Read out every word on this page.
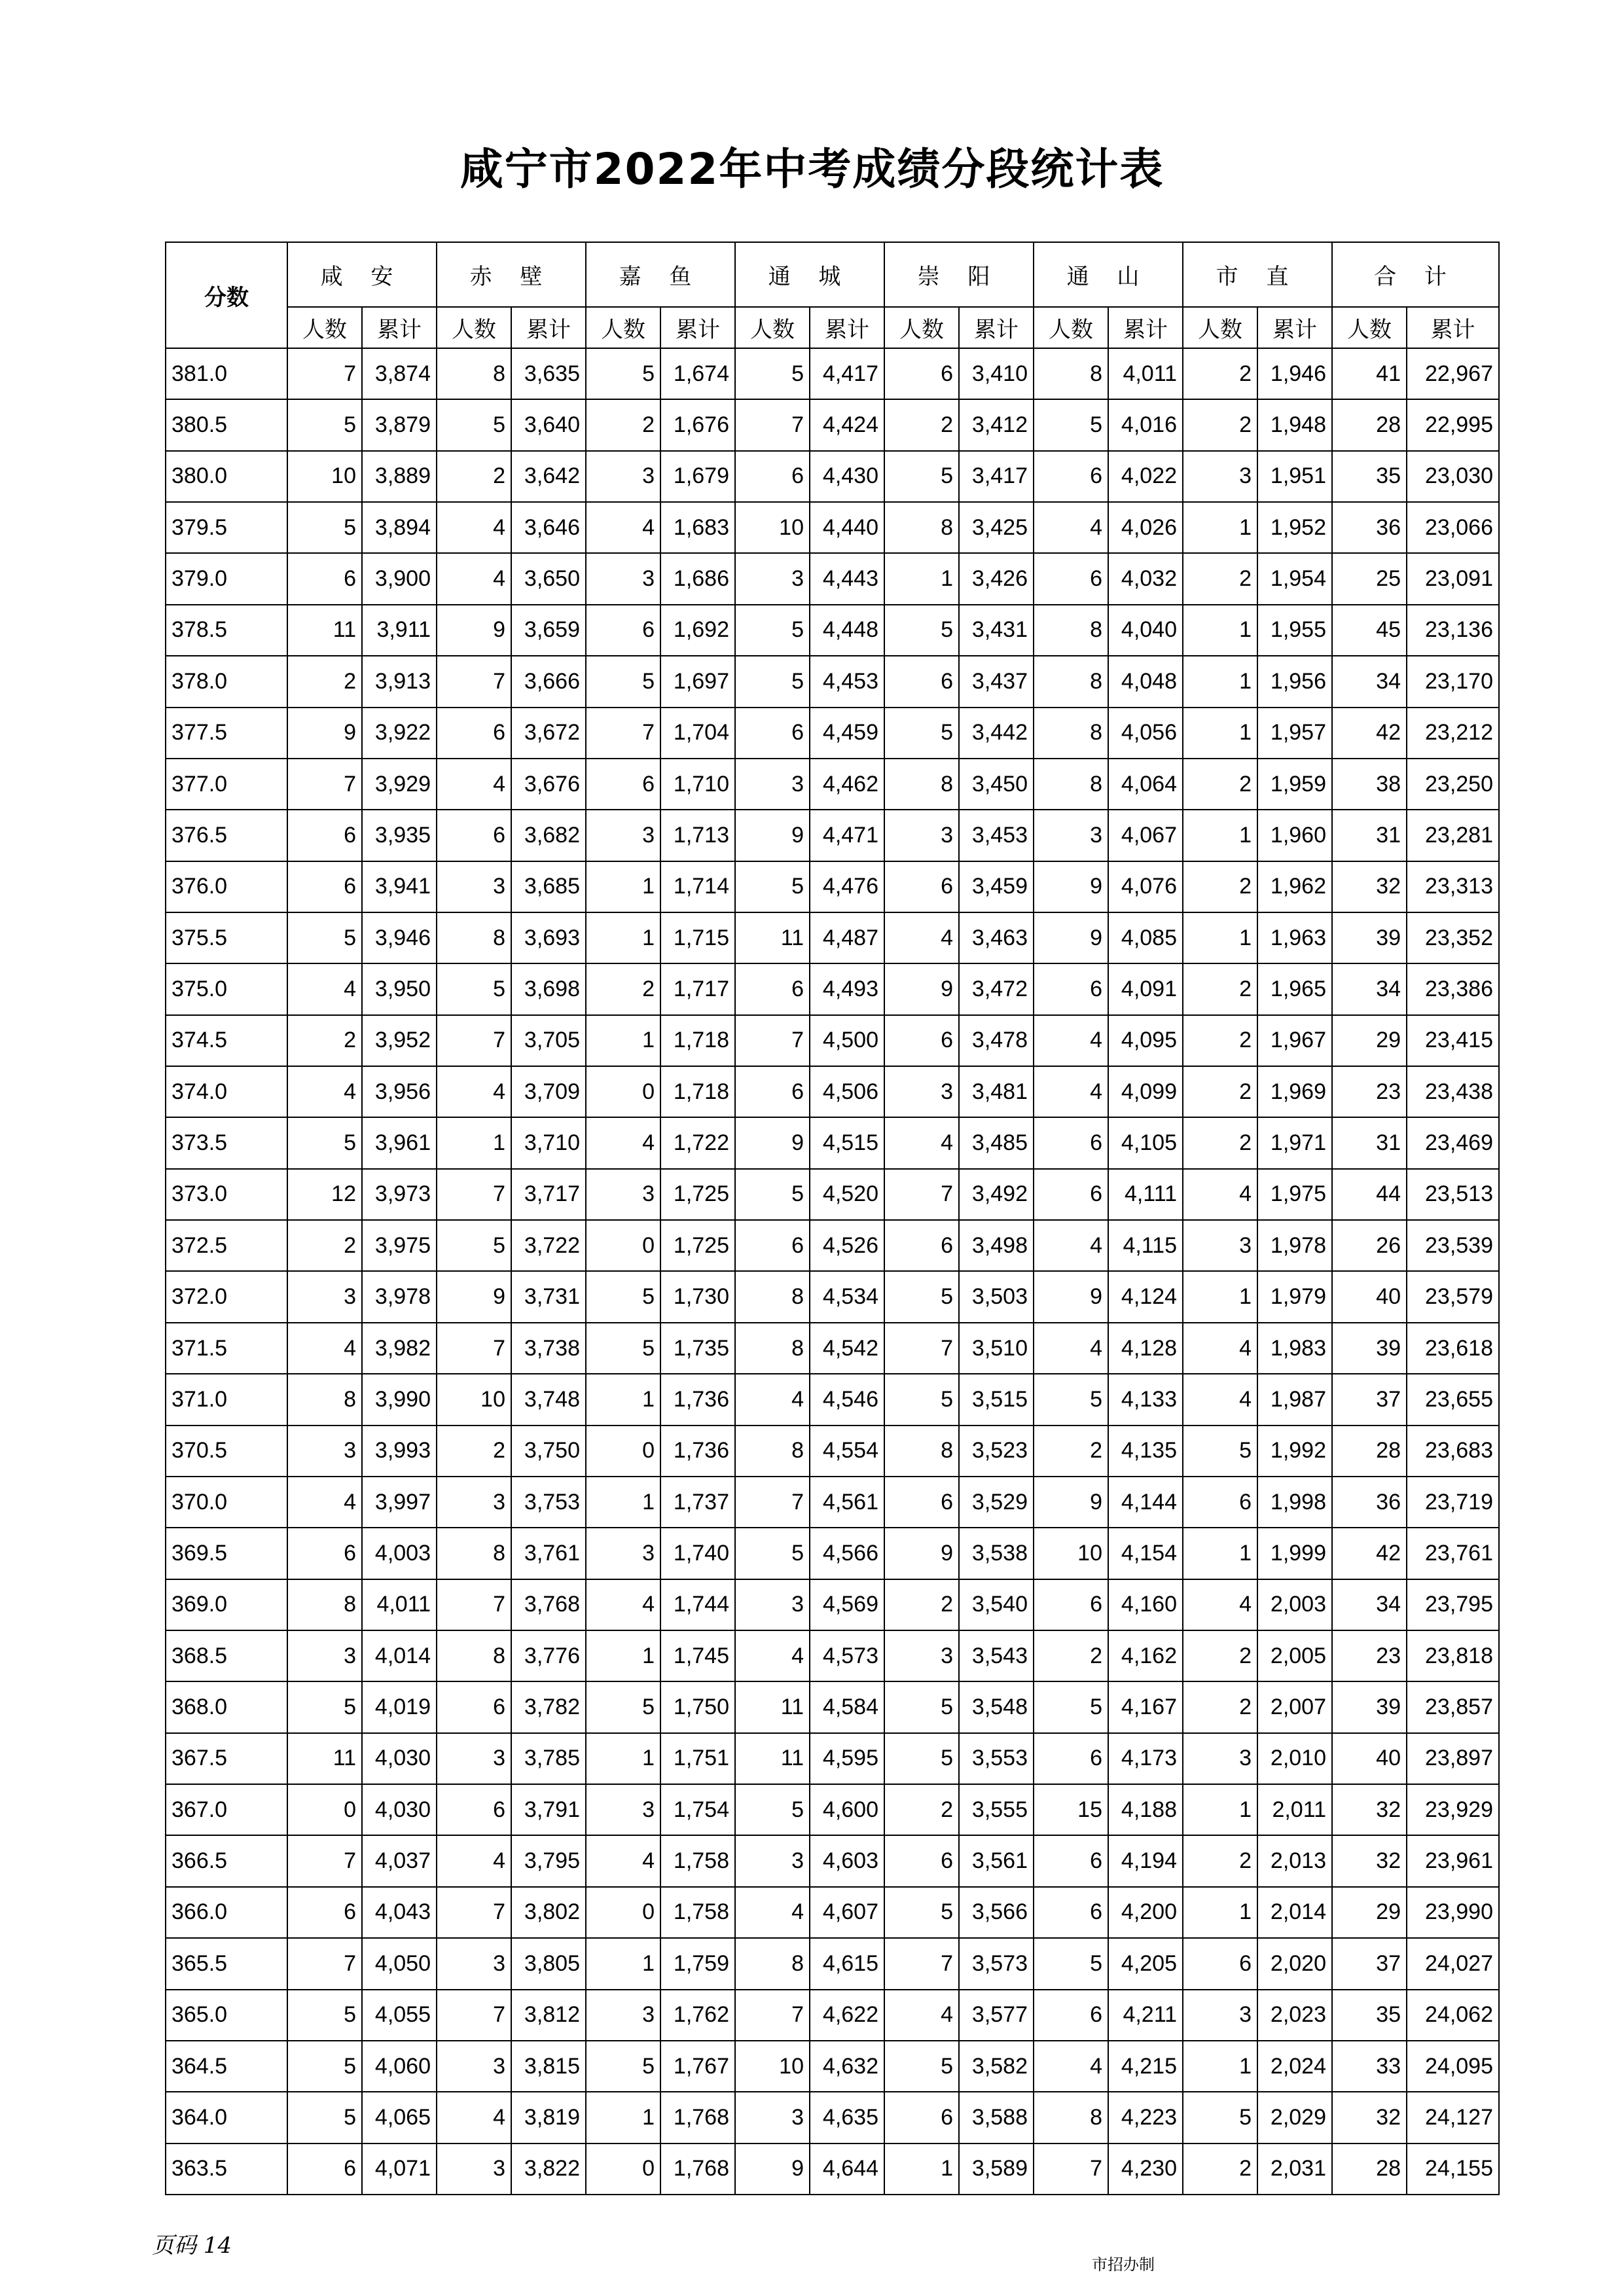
咸宁市2022年中考成绩分段统计表
分数	咸 安		赤 壁		嘉 鱼		通 城		崇 阳		通 山		市 直		合 计	
	人数	累计	人数	累计	人数	累计	人数	累计	人数	累计	人数	累计	人数	累计	人数	累计
381.0	7	3,874	8	3,635	5	1,674	5	4,417	6	3,410	8	4,011	2	1,946	41	22,967
380.5	5	3,879	5	3,640	2	1,676	7	4,424	2	3,412	5	4,016	2	1,948	28	22,995
380.0	10	3,889	2	3,642	3	1,679	6	4,430	5	3,417	6	4,022	3	1,951	35	23,030
379.5	5	3,894	4	3,646	4	1,683	10	4,440	8	3,425	4	4,026	1	1,952	36	23,066
379.0	6	3,900	4	3,650	3	1,686	3	4,443	1	3,426	6	4,032	2	1,954	25	23,091
378.5	11	3,911	9	3,659	6	1,692	5	4,448	5	3,431	8	4,040	1	1,955	45	23,136
378.0	2	3,913	7	3,666	5	1,697	5	4,453	6	3,437	8	4,048	1	1,956	34	23,170
377.5	9	3,922	6	3,672	7	1,704	6	4,459	5	3,442	8	4,056	1	1,957	42	23,212
377.0	7	3,929	4	3,676	6	1,710	3	4,462	8	3,450	8	4,064	2	1,959	38	23,250
376.5	6	3,935	6	3,682	3	1,713	9	4,471	3	3,453	3	4,067	1	1,960	31	23,281
376.0	6	3,941	3	3,685	1	1,714	5	4,476	6	3,459	9	4,076	2	1,962	32	23,313
375.5	5	3,946	8	3,693	1	1,715	11	4,487	4	3,463	9	4,085	1	1,963	39	23,352
375.0	4	3,950	5	3,698	2	1,717	6	4,493	9	3,472	6	4,091	2	1,965	34	23,386
374.5	2	3,952	7	3,705	1	1,718	7	4,500	6	3,478	4	4,095	2	1,967	29	23,415
374.0	4	3,956	4	3,709	0	1,718	6	4,506	3	3,481	4	4,099	2	1,969	23	23,438
373.5	5	3,961	1	3,710	4	1,722	9	4,515	4	3,485	6	4,105	2	1,971	31	23,469
373.0	12	3,973	7	3,717	3	1,725	5	4,520	7	3,492	6	4,111	4	1,975	44	23,513
372.5	2	3,975	5	3,722	0	1,725	6	4,526	6	3,498	4	4,115	3	1,978	26	23,539
372.0	3	3,978	9	3,731	5	1,730	8	4,534	5	3,503	9	4,124	1	1,979	40	23,579
371.5	4	3,982	7	3,738	5	1,735	8	4,542	7	3,510	4	4,128	4	1,983	39	23,618
371.0	8	3,990	10	3,748	1	1,736	4	4,546	5	3,515	5	4,133	4	1,987	37	23,655
370.5	3	3,993	2	3,750	0	1,736	8	4,554	8	3,523	2	4,135	5	1,992	28	23,683
370.0	4	3,997	3	3,753	1	1,737	7	4,561	6	3,529	9	4,144	6	1,998	36	23,719
369.5	6	4,003	8	3,761	3	1,740	5	4,566	9	3,538	10	4,154	1	1,999	42	23,761
369.0	8	4,011	7	3,768	4	1,744	3	4,569	2	3,540	6	4,160	4	2,003	34	23,795
368.5	3	4,014	8	3,776	1	1,745	4	4,573	3	3,543	2	4,162	2	2,005	23	23,818
368.0	5	4,019	6	3,782	5	1,750	11	4,584	5	3,548	5	4,167	2	2,007	39	23,857
367.5	11	4,030	3	3,785	1	1,751	11	4,595	5	3,553	6	4,173	3	2,010	40	23,897
367.0	0	4,030	6	3,791	3	1,754	5	4,600	2	3,555	15	4,188	1	2,011	32	23,929
366.5	7	4,037	4	3,795	4	1,758	3	4,603	6	3,561	6	4,194	2	2,013	32	23,961
366.0	6	4,043	7	3,802	0	1,758	4	4,607	5	3,566	6	4,200	1	2,014	29	23,990
365.5	7	4,050	3	3,805	1	1,759	8	4,615	7	3,573	5	4,205	6	2,020	37	24,027
365.0	5	4,055	7	3,812	3	1,762	7	4,622	4	3,577	6	4,211	3	2,023	35	24,062
364.5	5	4,060	3	3,815	5	1,767	10	4,632	5	3,582	4	4,215	1	2,024	33	24,095
364.0	5	4,065	4	3,819	1	1,768	3	4,635	6	3,588	8	4,223	5	2,029	32	24,127
363.5	6	4,071	3	3,822	0	1,768	9	4,644	1	3,589	7	4,230	2	2,031	28	24,155
页码 14
市招办制
